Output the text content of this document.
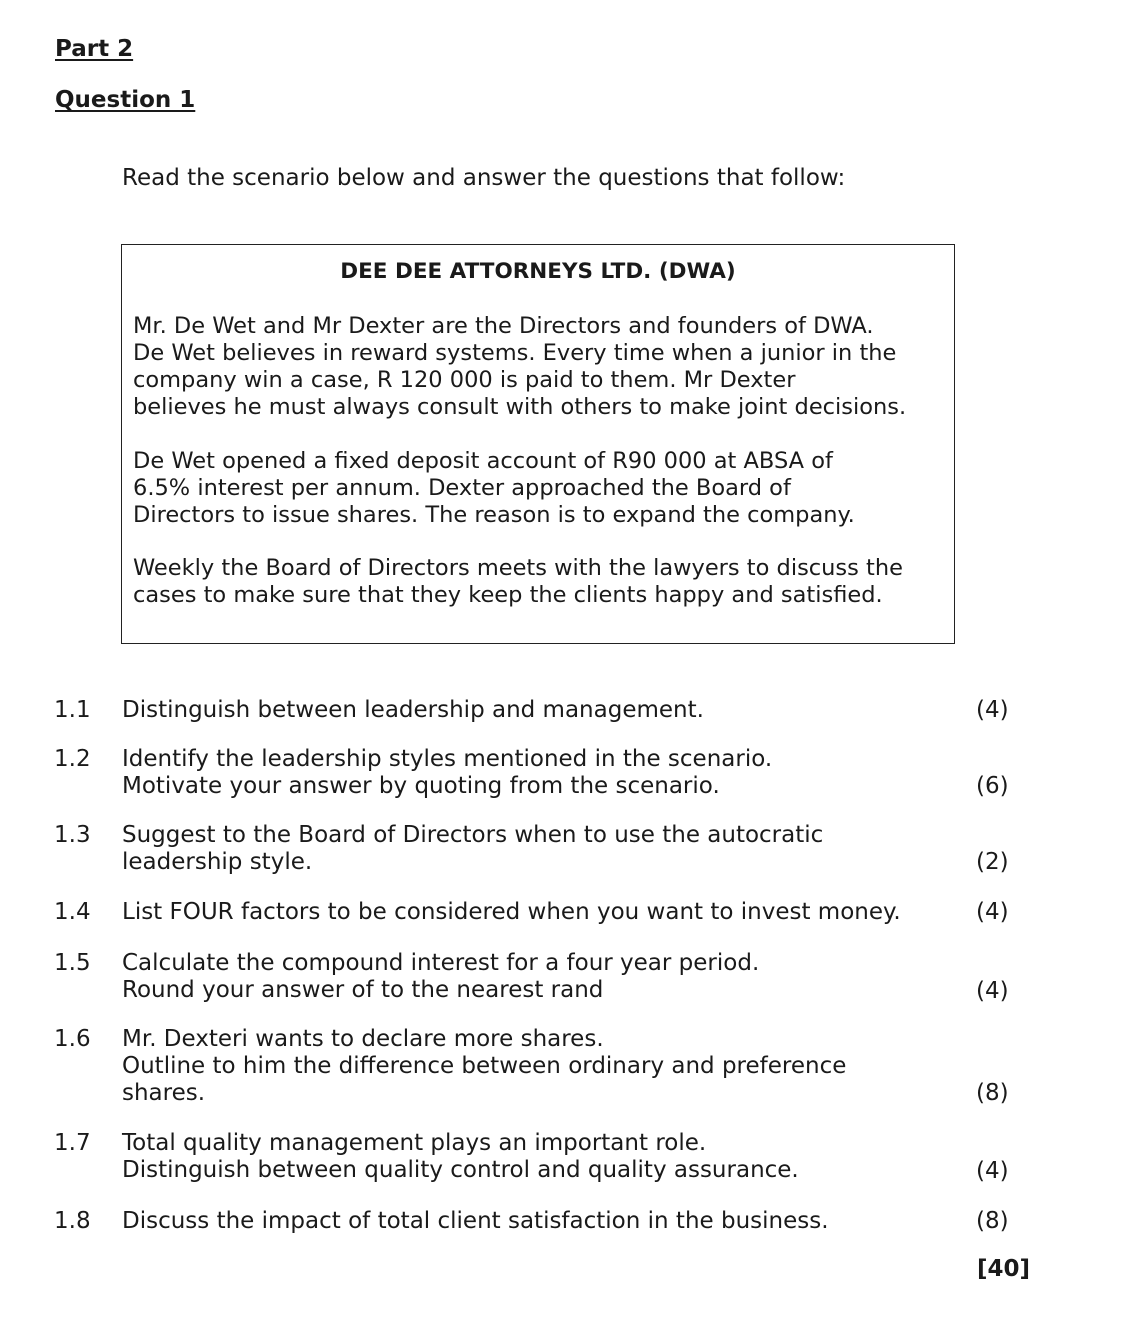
Part 2
Question 1

Read the scenario below and answer the questions that follow:

DEE DEE ATTORNEYS LTD. (DWA)

Mr. De Wet and Mr Dexter are the Directors and founders of DWA.
De Wet believes in reward systems. Every time when a junior in the
company win a case, R 120 000 is paid to them. Mr Dexter
believes he must always consult with others to make joint decisions.

De Wet opened a fixed deposit account of R90 000 at ABSA of
6.5% interest per annum. Dexter approached the Board of
Directors to issue shares. The reason is to expand the company.

Weekly the Board of Directors meets with the lawyers to discuss the
cases to make sure that they keep the clients happy and satisfied.

1.1 Distinguish between leadership and management.	(4)
1.2 Identify the leadership styles mentioned in the scenario.
Motivate your answer by quoting from the scenario.	(6)
1.3 Suggest to the Board of Directors when to use the autocratic
leadership style.	(2)
1.4 List FOUR factors to be considered when you want to invest money.	(4)
1.5 Calculate the compound interest for a four year period.
Round your answer of to the nearest rand	(4)
1.6 Mr. Dexteri wants to declare more shares.
Outline to him the difference between ordinary and preference
shares.	(8)
1.7 Total quality management plays an important role.
Distinguish between quality control and quality assurance.	(4)
1.8 Discuss the impact of total client satisfaction in the business.	(8)
[40]
